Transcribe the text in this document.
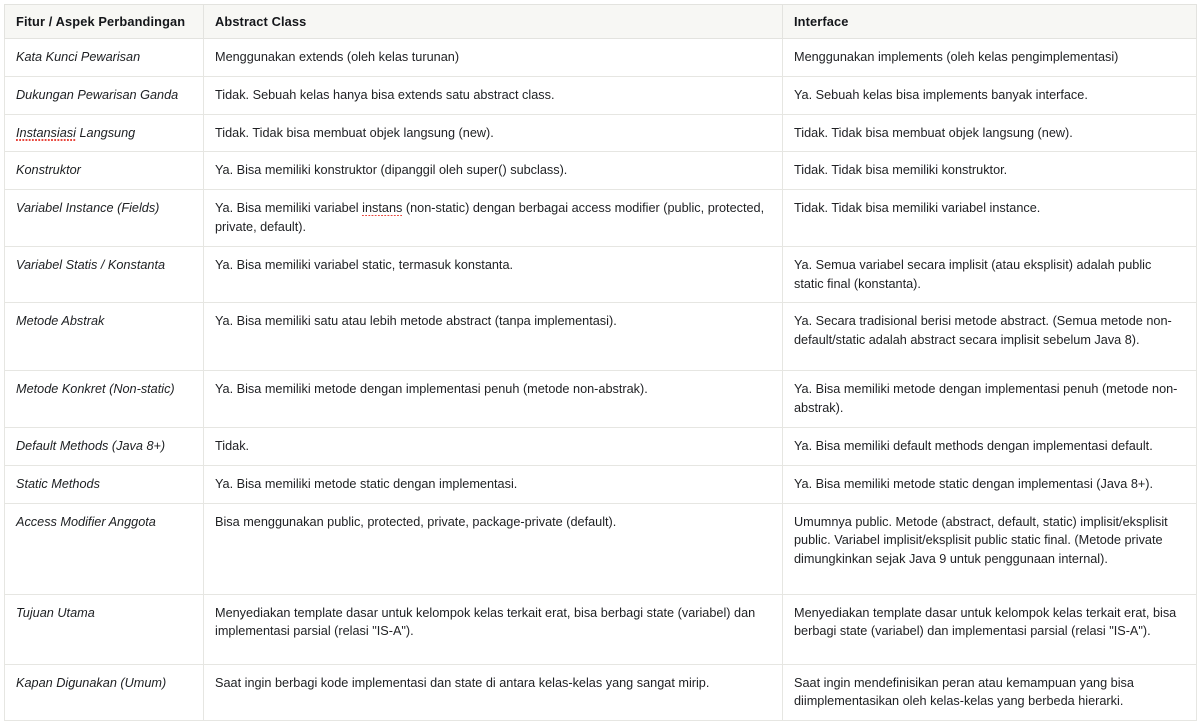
Fitur / Aspek Perbandingan	Abstract Class	Interface
Kata Kunci Pewarisan	Menggunakan extends (oleh kelas turunan)	Menggunakan implements (oleh kelas pengimplementasi)
Dukungan Pewarisan Ganda	Tidak. Sebuah kelas hanya bisa extends satu abstract class.	Ya. Sebuah kelas bisa implements banyak interface.
Instansiasi Langsung	Tidak. Tidak bisa membuat objek langsung (new).	Tidak. Tidak bisa membuat objek langsung (new).
Konstruktor	Ya. Bisa memiliki konstruktor (dipanggil oleh super() subclass).	Tidak. Tidak bisa memiliki konstruktor.
Variabel Instance (Fields)	Ya. Bisa memiliki variabel instans (non-static) dengan berbagai access modifier (public, protected, private, default).	Tidak. Tidak bisa memiliki variabel instance.
Variabel Statis / Konstanta	Ya. Bisa memiliki variabel static, termasuk konstanta.	Ya. Semua variabel secara implisit (atau eksplisit) adalah public static final (konstanta).
Metode Abstrak	Ya. Bisa memiliki satu atau lebih metode abstract (tanpa implementasi).	Ya. Secara tradisional berisi metode abstract. (Semua metode non-default/static adalah abstract secara implisit sebelum Java 8).
Metode Konkret (Non-static)	Ya. Bisa memiliki metode dengan implementasi penuh (metode non-abstrak).	Ya. Bisa memiliki metode dengan implementasi penuh (metode non-abstrak).
Default Methods (Java 8+)	Tidak.	Ya. Bisa memiliki default methods dengan implementasi default.
Static Methods	Ya. Bisa memiliki metode static dengan implementasi.	Ya. Bisa memiliki metode static dengan implementasi (Java 8+).
Access Modifier Anggota	Bisa menggunakan public, protected, private, package-private (default).	Umumnya public. Metode (abstract, default, static) implisit/eksplisit public. Variabel implisit/eksplisit public static final. (Metode private dimungkinkan sejak Java 9 untuk penggunaan internal).
Tujuan Utama	Menyediakan template dasar untuk kelompok kelas terkait erat, bisa berbagi state (variabel) dan implementasi parsial (relasi "IS-A").	Menyediakan template dasar untuk kelompok kelas terkait erat, bisa berbagi state (variabel) dan implementasi parsial (relasi "IS-A").
Kapan Digunakan (Umum)	Saat ingin berbagi kode implementasi dan state di antara kelas-kelas yang sangat mirip.	Saat ingin mendefinisikan peran atau kemampuan yang bisa diimplementasikan oleh kelas-kelas yang berbeda hierarki.
